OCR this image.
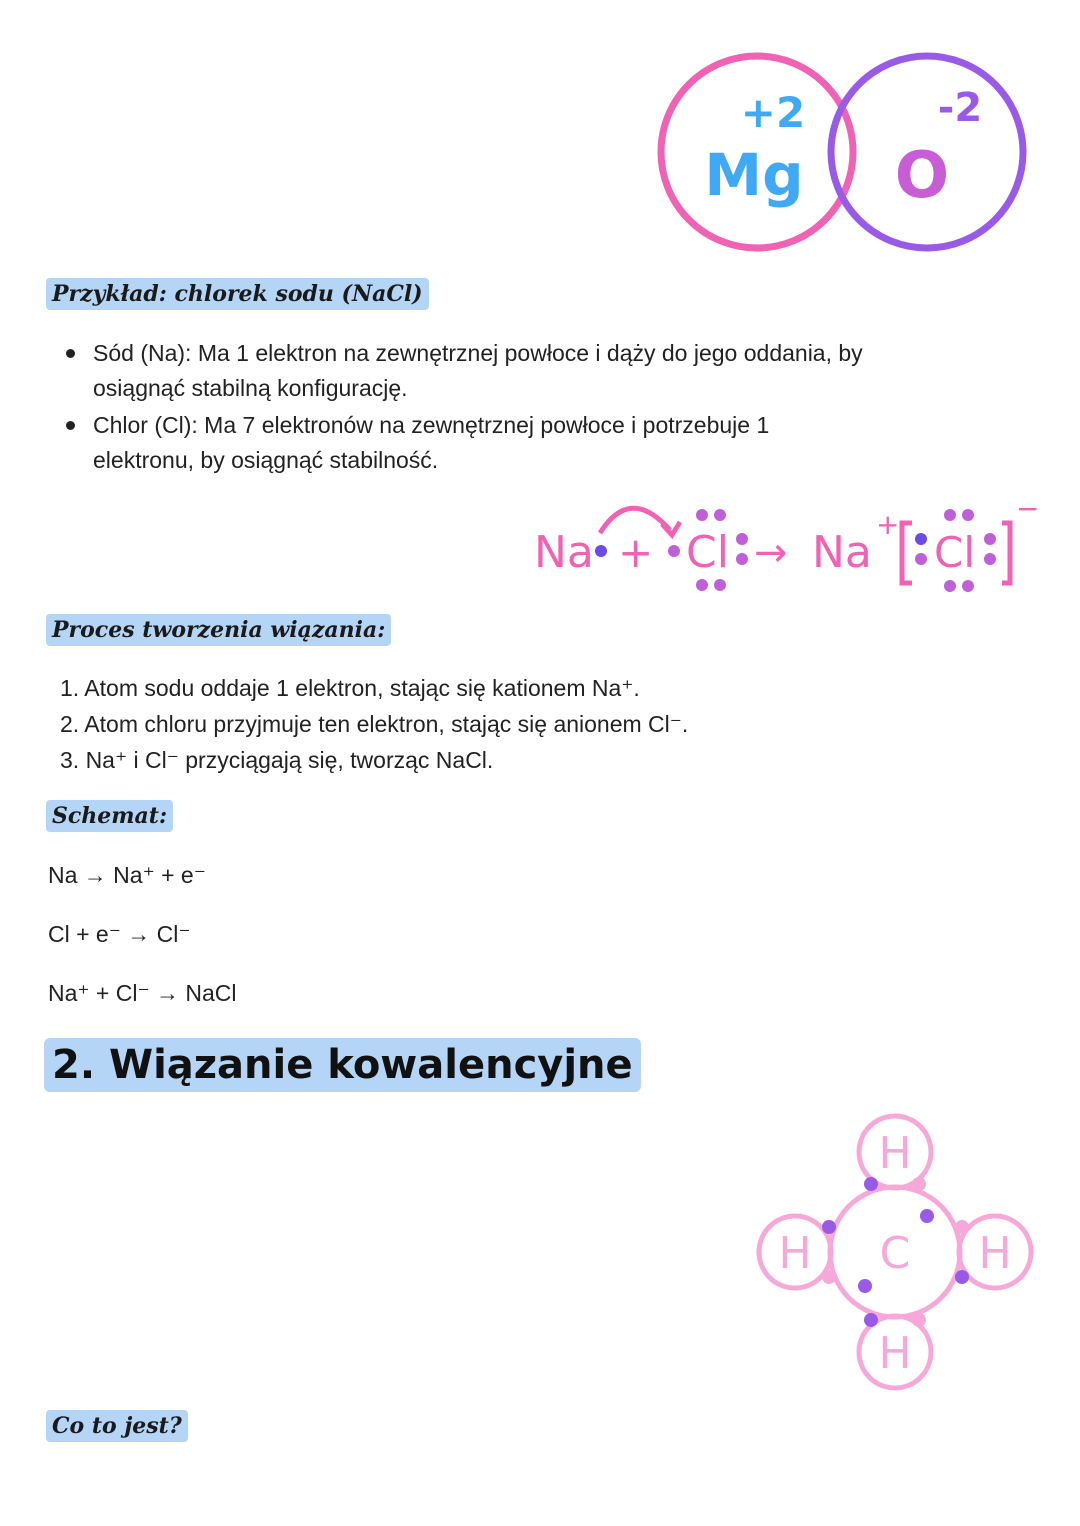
+2
Mg
-2
O
Przykład: chlorek sodu (NaCl)
Sód (Na): Ma 1 elektron na zewnętrznej powłoce i dąży do jego oddania, by
osiągnąć stabilną konfigurację.
Chlor (Cl): Ma 7 elektronów na zewnętrznej powłoce i potrzebuje 1
elektronu, by osiągnąć stabilność.
Na + Cl → Na
+
Cl
−
Proces tworzenia wiązania:
1. Atom sodu oddaje 1 elektron, stając się kationem Na⁺.
2. Atom chloru przyjmuje ten elektron, stając się anionem Cl⁻.
3. Na⁺ i Cl⁻ przyciągają się, tworząc NaCl.
Schemat:
Na → Na⁺ + e⁻
Cl + e⁻ → Cl⁻
Na⁺ + Cl⁻ → NaCl
2. Wiązanie kowalencyjne
C
H
H
H	H
Co to jest?
